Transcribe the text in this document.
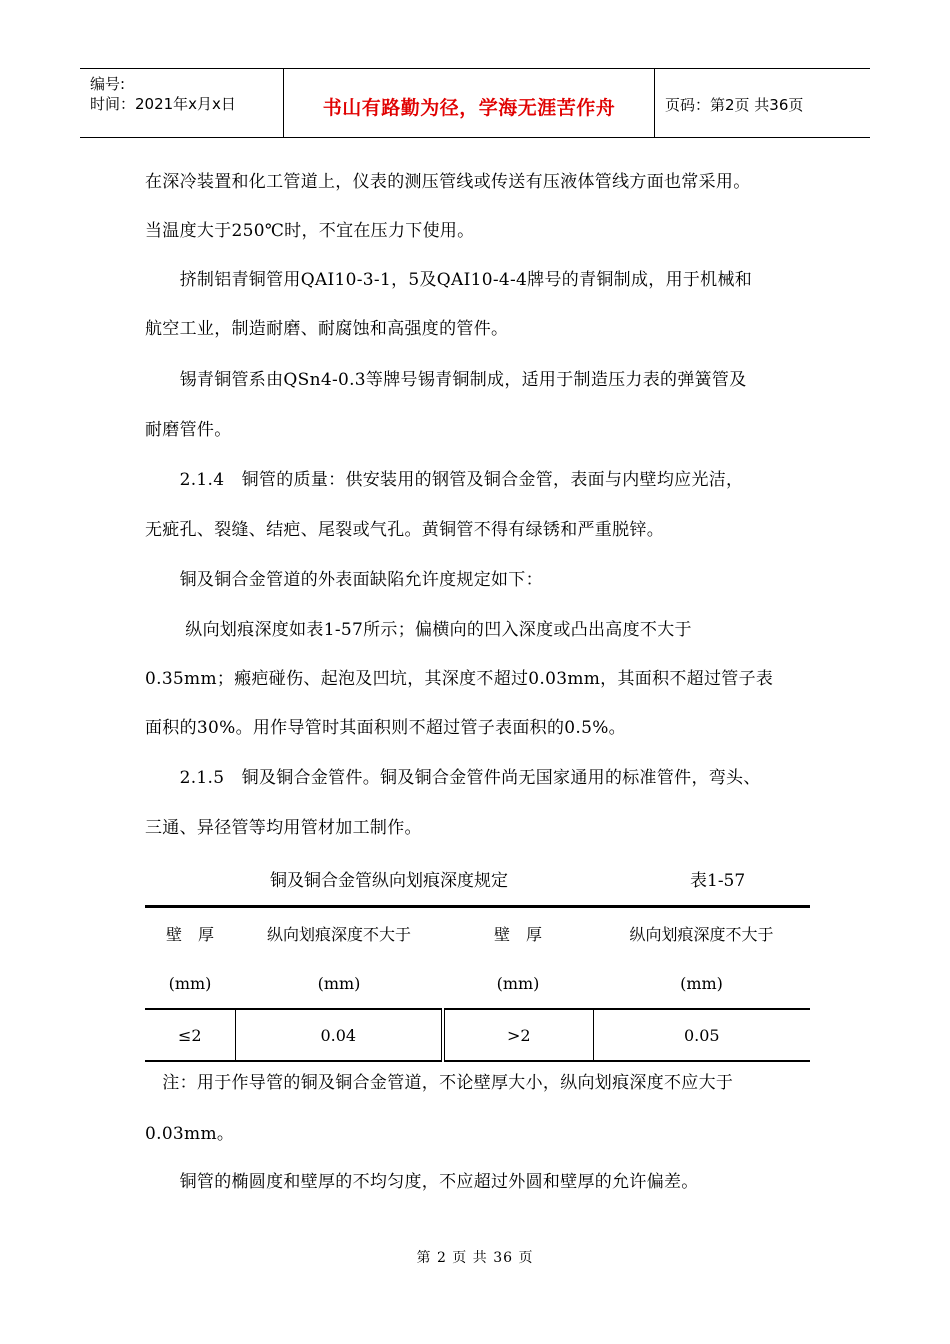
编号:
时间：2021年x月x日	书山有路勤为径，学海无涯苦作舟	页码：第2页 共36页
在深冷装置和化工管道上，仪表的测压管线或传送有压液体管线方面也常采用。
当温度大于250℃时，不宜在压力下使用。
　　挤制铝青铜管用QAI10-3-1，5及QAI10-4-4牌号的青铜制成，用于机械和
航空工业，制造耐磨、耐腐蚀和高强度的管件。
　　锡青铜管系由QSn4-0.3等牌号锡青铜制成，适用于制造压力表的弹簧管及
耐磨管件。
　　2.1.4　铜管的质量：供安装用的钢管及铜合金管，表面与内壁均应光洁，
无疵孔、裂缝、结疤、尾裂或气孔。黄铜管不得有绿锈和严重脱锌。
　　铜及铜合金管道的外表面缺陷允许度规定如下：
　　 纵向划痕深度如表1-57所示；偏横向的凹入深度或凸出高度不大于
0.35mm；瘢疤碰伤、起泡及凹坑，其深度不超过0.03mm，其面积不超过管子表
面积的30%。用作导管时其面积则不超过管子表面积的0.5%。
　　2.1.5　铜及铜合金管件。铜及铜合金管件尚无国家通用的标准管件，弯头、
三通、异径管等均用管材加工制作。
铜及铜合金管纵向划痕深度规定	表1-57
壁　厚	纵向划痕深度不大于	壁　厚	纵向划痕深度不大于
(mm)	(mm)	(mm)	(mm)
≤2	0.04	>2	0.05
　注：用于作导管的铜及铜合金管道，不论壁厚大小，纵向划痕深度不应大于
0.03mm。
　　铜管的椭圆度和壁厚的不均匀度，不应超过外圆和壁厚的允许偏差。
第 2 页 共 36 页
